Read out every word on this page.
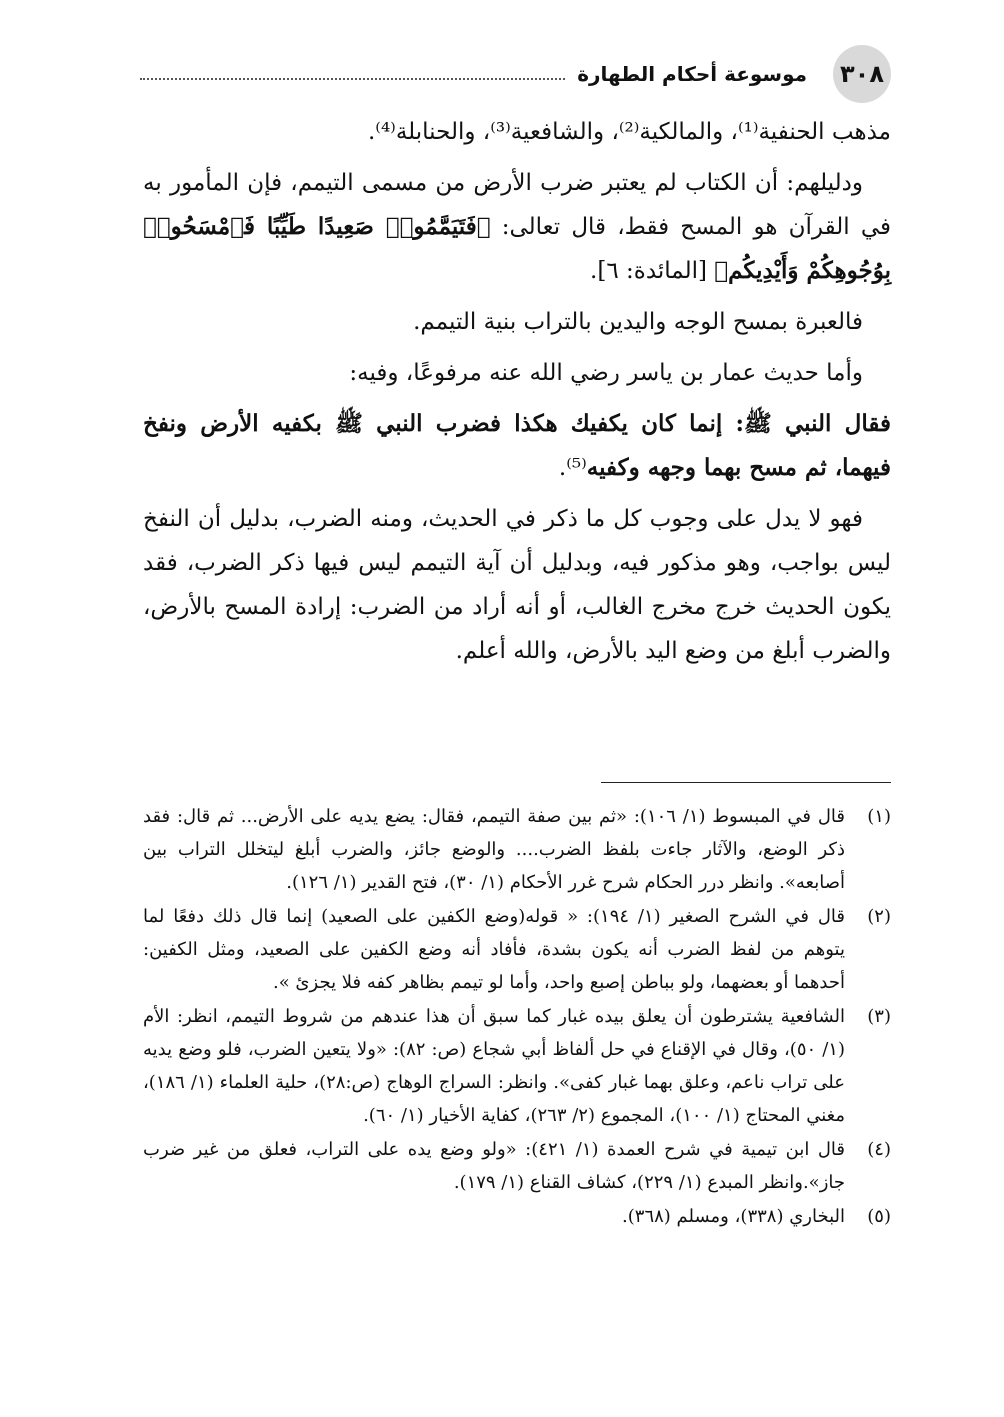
٣٠٨
موسوعة أحكام الطهارة

مذهب الحنفية⁽¹⁾، والمالكية⁽²⁾، والشافعية⁽³⁾، والحنابلة⁽⁴⁾.

ودليلهم: أن الكتاب لم يعتبر ضرب الأرض من مسمى التيمم، فإن المأمور به في القرآن هو المسح فقط، قال تعالى: ﴿فَتَيَمَّمُوا۟ صَعِيدًا طَيِّبًا فَٱمْسَحُوا۟ بِوُجُوهِكُمْ وَأَيْدِيكُم﴾ [المائدة: ٦].

فالعبرة بمسح الوجه واليدين بالتراب بنية التيمم.

وأما حديث عمار بن ياسر رضي الله عنه مرفوعًا، وفيه:

فقال النبي ﷺ: إنما كان يكفيك هكذا فضرب النبي ﷺ بكفيه الأرض ونفخ فيهما، ثم مسح بهما وجهه وكفيه⁽⁵⁾.

فهو لا يدل على وجوب كل ما ذكر في الحديث، ومنه الضرب، بدليل أن النفخ ليس بواجب، وهو مذكور فيه، وبدليل أن آية التيمم ليس فيها ذكر الضرب، فقد يكون الحديث خرج مخرج الغالب، أو أنه أراد من الضرب: إرادة المسح بالأرض، والضرب أبلغ من وضع اليد بالأرض، والله أعلم.

(١)
قال في المبسوط (١/ ١٠٦): «ثم بين صفة التيمم، فقال: يضع يديه على الأرض... ثم قال: فقد ذكر الوضع، والآثار جاءت بلفظ الضرب.... والوضع جائز، والضرب أبلغ ليتخلل التراب بين أصابعه». وانظر درر الحكام شرح غرر الأحكام (١/ ٣٠)، فتح القدير (١/ ١٢٦).
(٢)
قال في الشرح الصغير (١/ ١٩٤): « قوله(وضع الكفين على الصعيد) إنما قال ذلك دفعًا لما يتوهم من لفظ الضرب أنه يكون بشدة، فأفاد أنه وضع الكفين على الصعيد، ومثل الكفين: أحدهما أو بعضهما، ولو بباطن إصبع واحد، وأما لو تيمم بظاهر كفه فلا يجزئ ».
(٣)
الشافعية يشترطون أن يعلق بيده غبار كما سبق أن هذا عندهم من شروط التيمم، انظر: الأم (١/ ٥٠)، وقال في الإقناع في حل ألفاظ أبي شجاع (ص: ٨٢): «ولا يتعين الضرب، فلو وضع يديه على تراب ناعم، وعلق بهما غبار كفى». وانظر: السراج الوهاج (ص:٢٨)، حلية العلماء (١/ ١٨٦)، مغني المحتاج (١/ ١٠٠)، المجموع (٢/ ٢٦٣)، كفاية الأخيار (١/ ٦٠).
(٤)
قال ابن تيمية في شرح العمدة (١/ ٤٢١): «ولو وضع يده على التراب، فعلق من غير ضرب جاز».وانظر المبدع (١/ ٢٢٩)، كشاف القناع (١/ ١٧٩).
(٥)
البخاري (٣٣٨)، ومسلم (٣٦٨).
